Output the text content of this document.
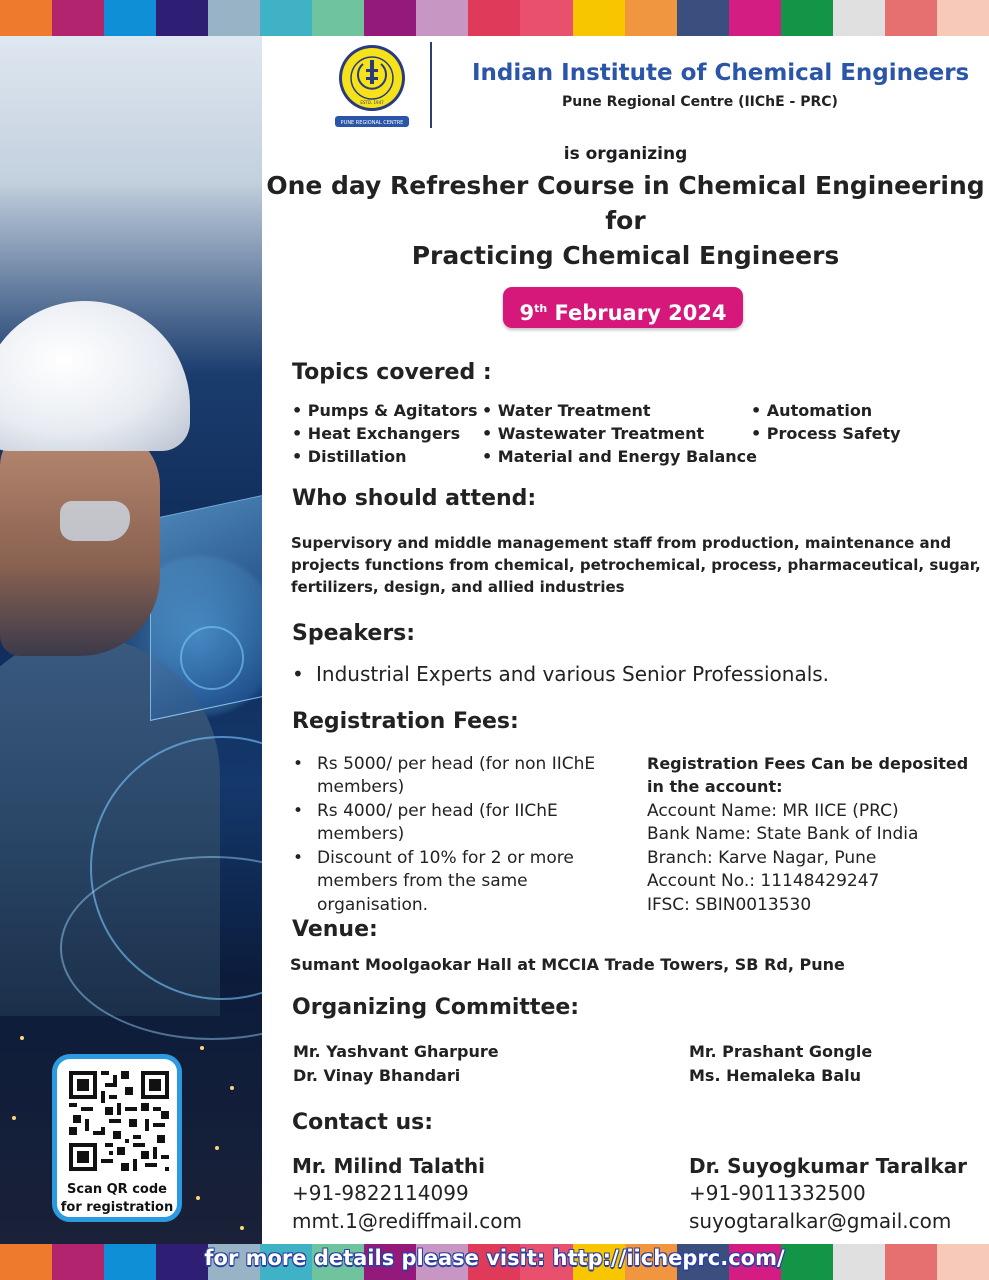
Scan QR code
for registration
ESTD. 1947
PUNE REGIONAL CENTRE
Indian Institute of Chemical Engineers
Pune Regional Centre (IIChE - PRC)
is organizing
One day Refresher Course in Chemical Engineering
for
Practicing Chemical Engineers
9th February 2024
Topics covered :
• Pumps & Agitators
• Heat Exchangers
• Distillation
• Water Treatment
• Wastewater Treatment
• Material and Energy Balance
• Automation
• Process Safety
Who should attend:
Supervisory and middle management staff from production, maintenance and
projects functions from chemical, petrochemical, process, pharmaceutical, sugar,
fertilizers, design, and allied industries
Speakers:
• Industrial Experts and various Senior Professionals.
Registration Fees:
• Rs 5000/ per head (for non IIChE
members)
• Rs 4000/ per head (for IIChE
members)
• Discount of 10% for 2 or more
members from the same
organisation.
Registration Fees Can be deposited
in the account:
Account Name: MR IICE (PRC)
Bank Name: State Bank of India
Branch: Karve Nagar, Pune
Account No.: 11148429247
IFSC: SBIN0013530
Venue:
Sumant Moolgaokar Hall at MCCIA Trade Towers, SB Rd, Pune
Organizing Committee:
Mr. Yashvant Gharpure
Dr. Vinay Bhandari
Mr. Prashant Gongle
Ms. Hemaleka Balu
Contact us:
Mr. Milind Talathi
+91-9822114099
mmt.1@rediffmail.com
Dr. Suyogkumar Taralkar
+91-9011332500
suyogtaralkar@gmail.com
for more details please visit: http://iicheprc.com/
